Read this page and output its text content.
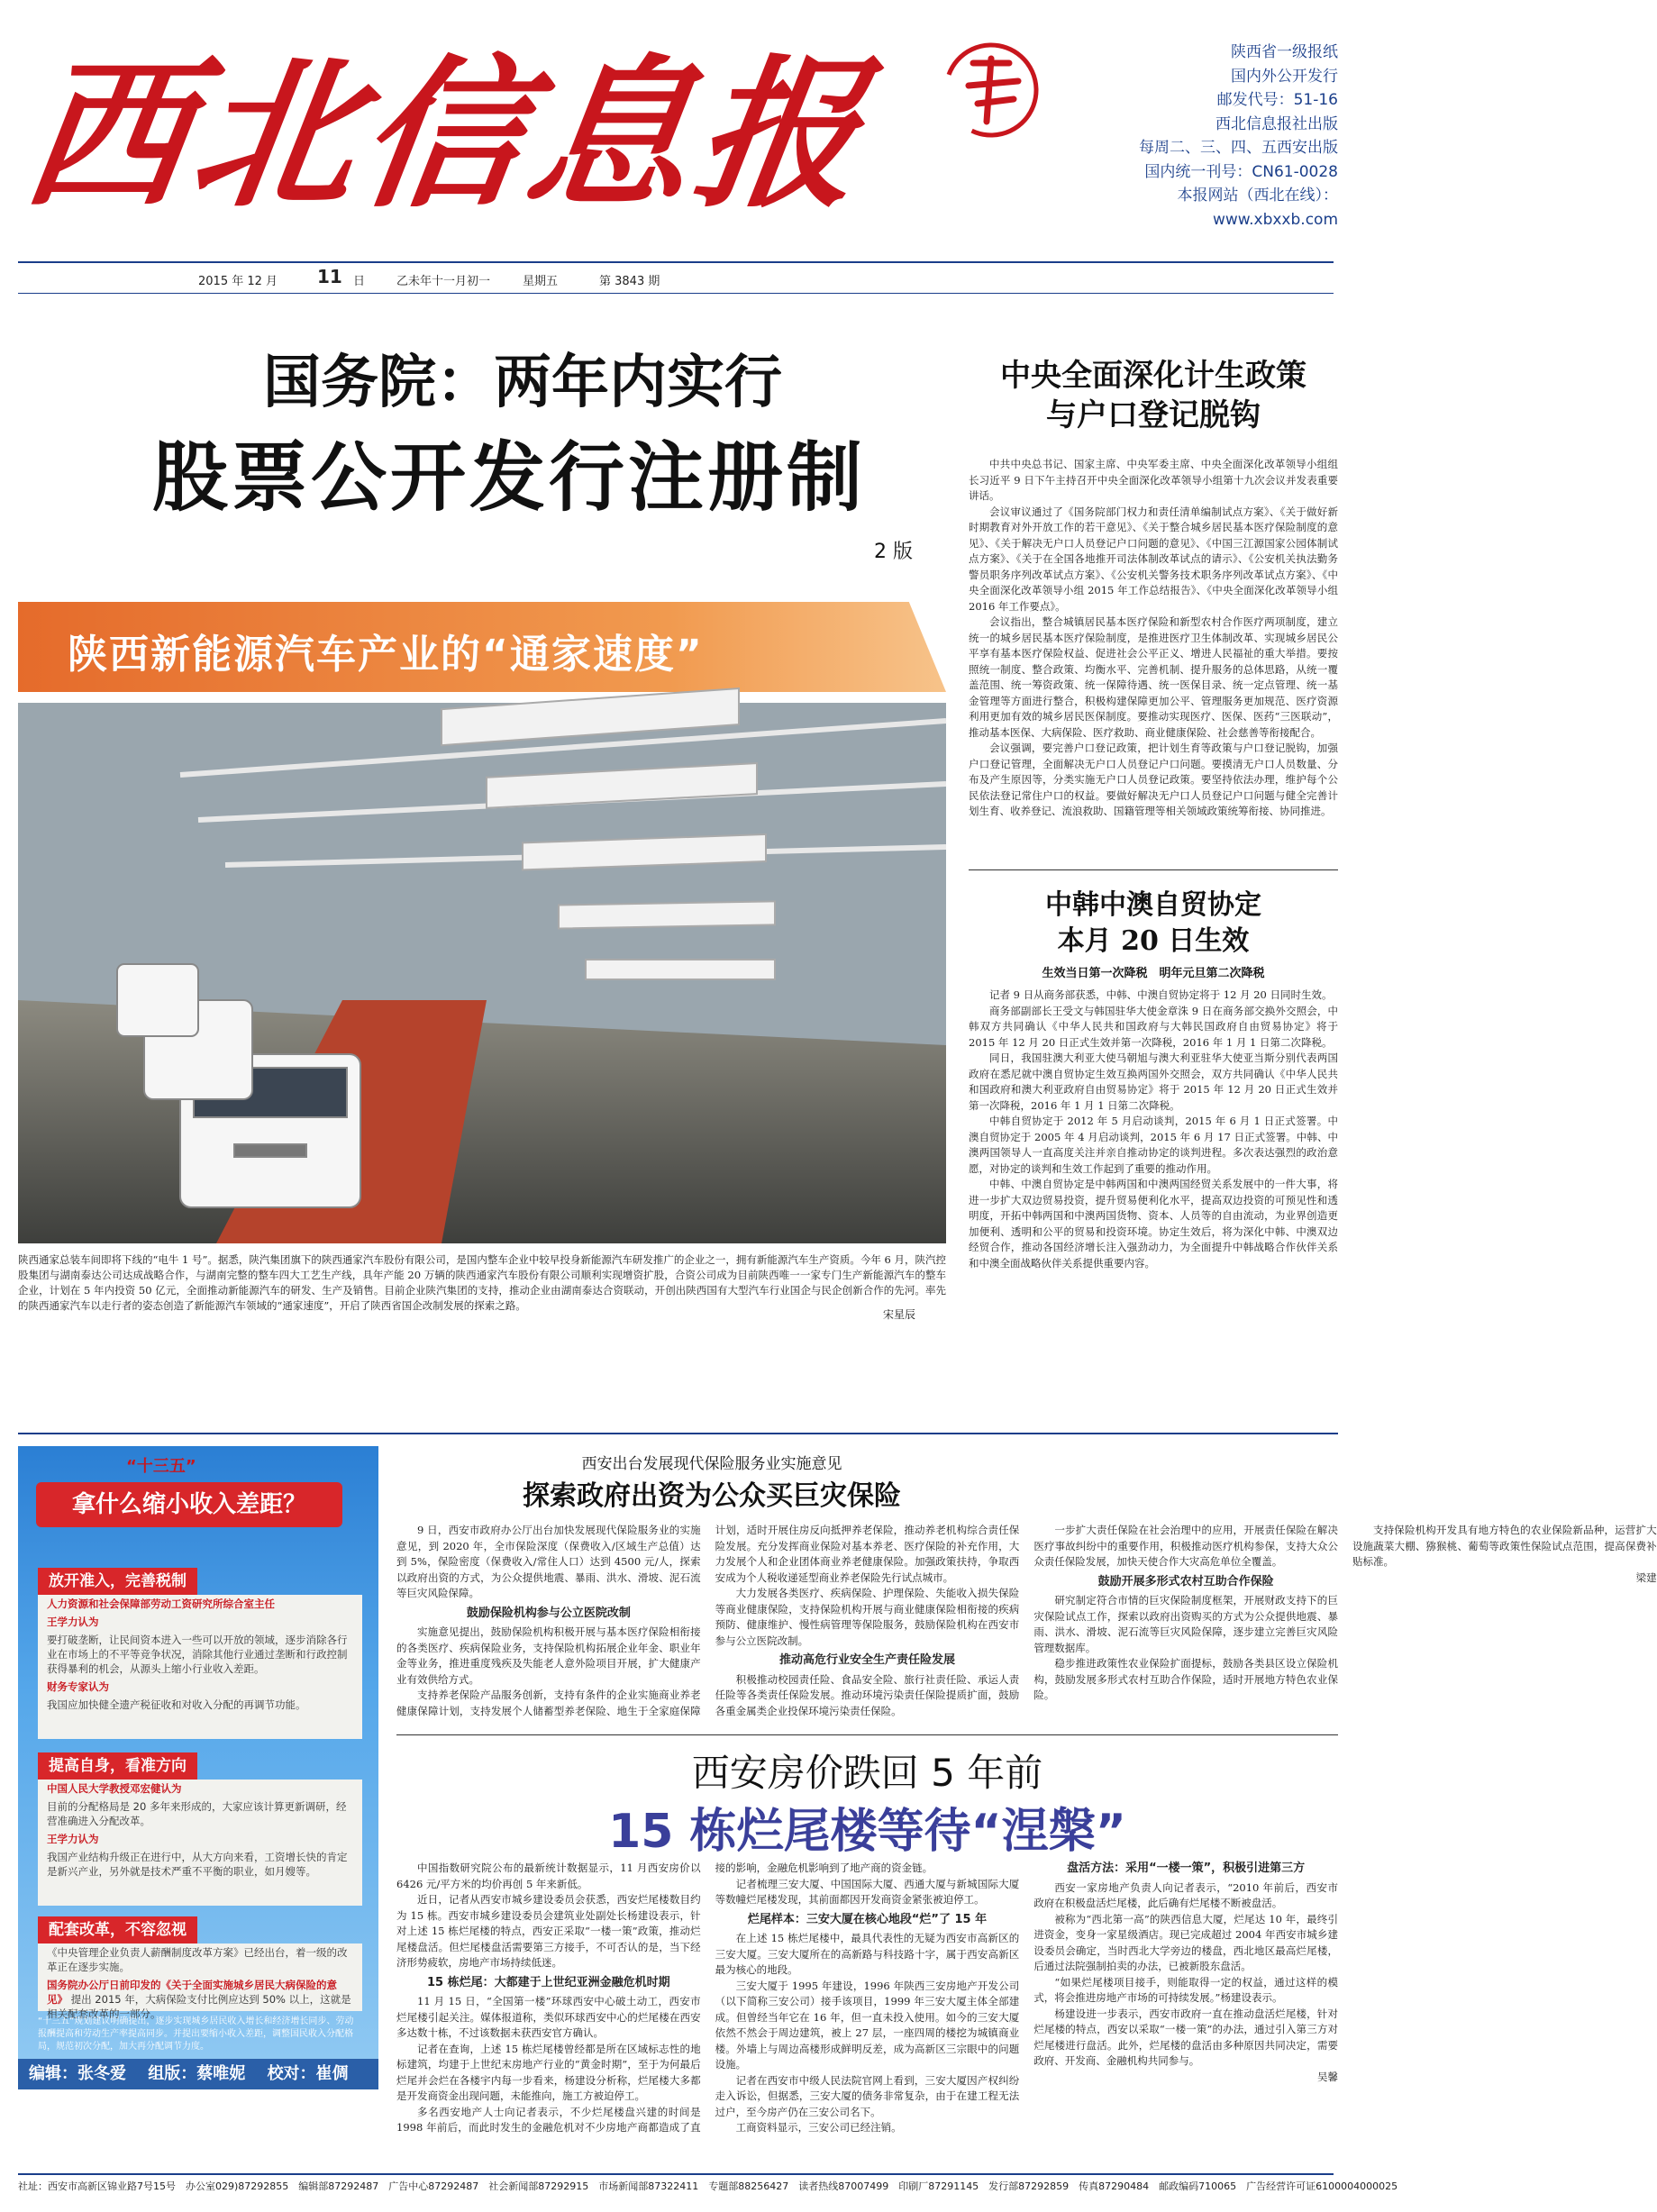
西北信息报	陕西省一级报纸
国内外公开发行
邮发代号：51-16
西北信息报社出版
每周二、三、四、五西安出版
国内统一刊号：CN61-0028
本报网站（西北在线）：www.xbxxb.com
2015 年 12 月 11 日	乙未年十一月初一	星期五	第 3843 期
国务院：两年内实行
股票公开发行注册制
2 版
陕西新能源汽车产业的“通家速度”
陕西通家总装车间即将下线的“电牛 1 号”。据悉，陕汽集团旗下的陕西通家汽车股份有限公司，是国内整车企业中较早投身新能源汽车研发推广的企业之一，拥有新能源汽车生产资质。今年 6 月，陕汽控股集团与湖南泰达公司达成战略合作，与湖南完整的整车四大工艺生产线，具年产能 20 万辆的陕西通家汽车股份有限公司顺利实现增资扩股，合资公司成为目前陕西唯一一家专门生产新能源汽车的整车企业，计划在 5 年内投资 50 亿元，全面推动新能源汽车的研发、生产及销售。目前企业陕汽集团的支持，推动企业由湖南泰达合资联动，开创出陕西国有大型汽车行业国企与民企创新合作的先河。率先的陕西通家汽车以走行者的姿态创造了新能源汽车领域的“通家速度”，开启了陕西省国企改制发展的探索之路。
宋星辰
中央全面深化计生政策
与户口登记脱钩

中共中央总书记、国家主席、中央军委主席、中央全面深化改革领导小组组长习近平 9 日下午主持召开中央全面深化改革领导小组第十九次会议并发表重要讲话。

会议审议通过了《国务院部门权力和责任清单编制试点方案》、《关于做好新时期教育对外开放工作的若干意见》、《关于整合城乡居民基本医疗保险制度的意见》、《关于解决无户口人员登记户口问题的意见》、《中国三江源国家公园体制试点方案》、《关于在全国各地推开司法体制改革试点的请示》、《公安机关执法勤务警员职务序列改革试点方案》、《公安机关警务技术职务序列改革试点方案》、《中央全面深化改革领导小组 2015 年工作总结报告》、《中央全面深化改革领导小组 2016 年工作要点》。

会议指出，整合城镇居民基本医疗保险和新型农村合作医疗两项制度，建立统一的城乡居民基本医疗保险制度，是推进医疗卫生体制改革、实现城乡居民公平享有基本医疗保险权益、促进社会公平正义、增进人民福祉的重大举措。要按照统一制度、整合政策、均衡水平、完善机制、提升服务的总体思路，从统一覆盖范围、统一筹资政策、统一保障待遇、统一医保目录、统一定点管理、统一基金管理等方面进行整合，积极构建保障更加公平、管理服务更加规范、医疗资源利用更加有效的城乡居民医保制度。要推动实现医疗、医保、医药“三医联动”，推动基本医保、大病保险、医疗救助、商业健康保险、社会慈善等衔接配合。

会议强调，要完善户口登记政策，把计划生育等政策与户口登记脱钩，加强户口登记管理，全面解决无户口人员登记户口问题。要摸清无户口人员数量、分布及产生原因等，分类实施无户口人员登记政策。要坚持依法办理，维护每个公民依法登记常住户口的权益。要做好解决无户口人员登记户口问题与健全完善计划生育、收养登记、流浪救助、国籍管理等相关领域政策统筹衔接、协同推进。

中韩中澳自贸协定
本月 20 日生效
生效当日第一次降税　明年元旦第二次降税

记者 9 日从商务部获悉，中韩、中澳自贸协定将于 12 月 20 日同时生效。

商务部副部长王受文与韩国驻华大使金章洙 9 日在商务部交换外交照会，中韩双方共同确认《中华人民共和国政府与大韩民国政府自由贸易协定》将于 2015 年 12 月 20 日正式生效并第一次降税，2016 年 1 月 1 日第二次降税。

同日，我国驻澳大利亚大使马朝旭与澳大利亚驻华大使亚当斯分别代表两国政府在悉尼就中澳自贸协定生效互换两国外交照会，双方共同确认《中华人民共和国政府和澳大利亚政府自由贸易协定》将于 2015 年 12 月 20 日正式生效并第一次降税，2016 年 1 月 1 日第二次降税。

中韩自贸协定于 2012 年 5 月启动谈判，2015 年 6 月 1 日正式签署。中澳自贸协定于 2005 年 4 月启动谈判，2015 年 6 月 17 日正式签署。中韩、中澳两国领导人一直高度关注并亲自推动协定的谈判进程。多次表达强烈的政治意愿，对协定的谈判和生效工作起到了重要的推动作用。

中韩、中澳自贸协定是中韩两国和中澳两国经贸关系发展中的一件大事，将进一步扩大双边贸易投资，提升贸易便利化水平，提高双边投资的可预见性和透明度，开拓中韩两国和中澳两国货物、资本、人员等的自由流动，为业界创造更加便利、透明和公平的贸易和投资环境。协定生效后，将为深化中韩、中澳双边经贸合作，推动各国经济增长注入强劲动力，为全面提升中韩战略合作伙伴关系和中澳全面战略伙伴关系提供重要内容。

“十三五”
拿什么缩小收入差距？
放开准入，完善税制
人力资源和社会保障部劳动工资研究所综合室主任
王学力认为
要打破垄断，让民间资本进入一些可以开放的领域，逐步消除各行业在市场上的不平等竞争状况，消除其他行业通过垄断和行政控制获得暴利的机会，从源头上缩小行业收入差距。
财务专家认为
我国应加快健全遗产税征收和对收入分配的再调节功能。
提高自身，看准方向
中国人民大学教授邓宏健认为
目前的分配格局是 20 多年来形成的，大家应该计算更新调研，经营准确进入分配改革。
王学力认为
我国产业结构升级正在进行中，从大方向来看，工资增长快的肯定是新兴产业，另外就是技术严重不平衡的职业，如月嫂等。
配套改革，不容忽视
《中央管理企业负责人薪酬制度改革方案》已经出台，着一级的改革正在逐步实施。
国务院办公厅日前印发的《关于全面实施城乡居民大病保险的意见》 提出 2015 年，大病保险支付比例应达到 50% 以上，这就是相关配套改革的一部分。
“十三五”规划建议明确提出，逐步实现城乡居民收入增长和经济增长同步、劳动报酬提高和劳动生产率提高同步。并提出要缩小收入差距，调整国民收入分配格局，规范初次分配，加大再分配调节力度。
编辑：张冬爱　 组版：蔡唯妮　 校对：崔倜
西安出台发展现代保险服务业实施意见
探索政府出资为公众买巨灾保险

9 日，西安市政府办公厅出台加快发展现代保险服务业的实施意见，到 2020 年，全市保险深度（保费收入/区域生产总值）达到 5%，保险密度（保费收入/常住人口）达到 4500 元/人，探索以政府出资的方式，为公众提供地震、暴雨、洪水、滑坡、泥石流等巨灾风险保障。

鼓励保险机构参与公立医院改制

实施意见提出，鼓励保险机构积极开展与基本医疗保险相衔接的各类医疗、疾病保险业务，支持保险机构拓展企业年金、职业年金等业务，推进重度残疾及失能老人意外险项目开展，扩大健康产业有效供给方式。

支持养老保险产品服务创新，支持有条件的企业实施商业养老健康保障计划，支持发展个人储蓄型养老保险、地生于全家庭保障计划，适时开展住房反向抵押养老保险，推动养老机构综合责任保险发展。充分发挥商业保险对基本养老、医疗保险的补充作用，大力发展个人和企业团体商业养老健康保险。加强政策扶持，争取西安成为个人税收递延型商业养老保险先行试点城市。

大力发展各类医疗、疾病保险、护理保险、失能收入损失保险等商业健康保险，支持保险机构开展与商业健康保险相衔接的疾病预防、健康维护、慢性病管理等保险服务，鼓励保险机构在西安市参与公立医院改制。

推动高危行业安全生产责任险发展

积极推动校园责任险、食品安全险、旅行社责任险、承运人责任险等各类责任保险发展。推动环境污染责任保险提质扩面，鼓励各重金属类企业投保环境污染责任保险。

一步扩大责任保险在社会治理中的应用，开展责任保险在解决医疗事故纠纷中的重要作用，积极推动医疗机构参保，支持大众公众责任保险发展，加快天使合作大灾高危单位全覆盖。

鼓励开展多形式农村互助合作保险

研究制定符合市情的巨灾保险制度框架，开展财政支持下的巨灾保险试点工作，探索以政府出资购买的方式为公众提供地震、暴雨、洪水、滑坡、泥石流等巨灾风险保障，逐步建立完善巨灾风险管理数据库。

稳步推进政策性农业保险扩面提标，鼓励各类县区设立保险机构，鼓励发展多形式农村互助合作保险，适时开展地方特色农业保险。

支持保险机构开发具有地方特色的农业保险新品种，运营扩大设施蔬菜大棚、猕猴桃、葡萄等政策性保险试点范围，提高保费补贴标准。

梁建
西安房价跌回 5 年前
15 栋烂尾楼等待“涅槃”

中国指数研究院公布的最新统计数据显示，11 月西安房价以 6426 元/平方米的均价再创 5 年来新低。

近日，记者从西安市城乡建设委员会获悉，西安烂尾楼数目约为 15 栋。西安市城乡建设委员会建筑业处副处长杨建设表示，针对上述 15 栋烂尾楼的特点，西安正采取“一楼一策”政策，推动烂尾楼盘活。但烂尾楼盘活需要第三方接手，不可否认的是，当下经济形势疲软，房地产市场持续低迷。

15 栋烂尾：大都建于上世纪亚洲金融危机时期

11 月 15 日，“全国第一楼”环球西安中心破土动工，西安市烂尾楼引起关注。媒体报道称，类似环球西安中心的烂尾楼在西安多达数十栋，不过该数据未获西安官方确认。

记者在查询，上述 15 栋烂尾楼曾经都是所在区域标志性的地标建筑，均建于上世纪末房地产行业的“黄金时期”，至于为何最后烂尾并会烂在各楼宇内每一步看来，杨建设分析称，烂尾楼大多都是开发商资金出现问题，未能推向，施工方被迫停工。

多名西安地产人士向记者表示，不少烂尾楼盘兴建的时间是 1998 年前后，而此时发生的金融危机对不少房地产商都造成了直接的影响，金融危机影响到了地产商的资金链。

记者梳理三安大厦、中国国际大厦、西通大厦与新城国际大厦等数幢烂尾楼发现，其前面都因开发商资金紧张被迫停工。

烂尾样本：三安大厦在核心地段“烂”了 15 年

在上述 15 栋烂尾楼中，最具代表性的无疑为西安市高新区的三安大厦。三安大厦所在的高新路与科技路十字，属于西安高新区最为核心的地段。

三安大厦于 1995 年建设，1996 年陕西三安房地产开发公司（以下简称三安公司）接手该项目，1999 年三安大厦主体全部建成。但曾经当年它在 16 年，但一直未投入使用。如今的三安大厦依然不然会于周边建筑，被上 27 层，一座四周的楼挖为城镇商业楼。外墙上与周边高楼形成鲜明反差，成为高新区三宗眼中的问题设施。

记者在西安市中级人民法院官网上看到，三安大厦因产权纠纷走入诉讼，但据悉，三安大厦的债务非常复杂，由于在建工程无法过户，至今房产仍在三安公司名下。

工商资料显示，三安公司已经注销。

盘活方法：采用“一楼一策”，积极引进第三方

西安一家房地产负责人向记者表示，“2010 年前后，西安市政府在积极盘活烂尾楼，此后确有烂尾楼不断被盘活。

被称为“西北第一高”的陕西信息大厦，烂尾达 10 年，最终引进资金，变身一家星级酒店。现已完成超过 2004 年西安市城乡建设委员会确定，当时西北大学旁边的楼盘，西北地区最高烂尾楼，后通过法院强制拍卖的办法，已被新股东盘活。

“如果烂尾楼项目接手，则能取得一定的权益，通过这样的模式，将会推进房地产市场的可持续发展。”杨建设表示。

杨建设进一步表示，西安市政府一直在推动盘活烂尾楼，针对烂尾楼的特点，西安以采取“一楼一策”的办法，通过引入第三方对烂尾楼进行盘活。此外，烂尾楼的盘活由多种原因共同决定，需要政府、开发商、金融机构共同参与。

吴馨
社址：西安市高新区锦业路7号15号　办公室029)87292855　编辑部87292487　广告中心87292487　社会新闻部87292915　市场新闻部87322411　专题部88256427　读者热线87007499　印刷厂87291145　发行部87292859　传真87290484　邮政编码710065　广告经营许可证6100004000025
